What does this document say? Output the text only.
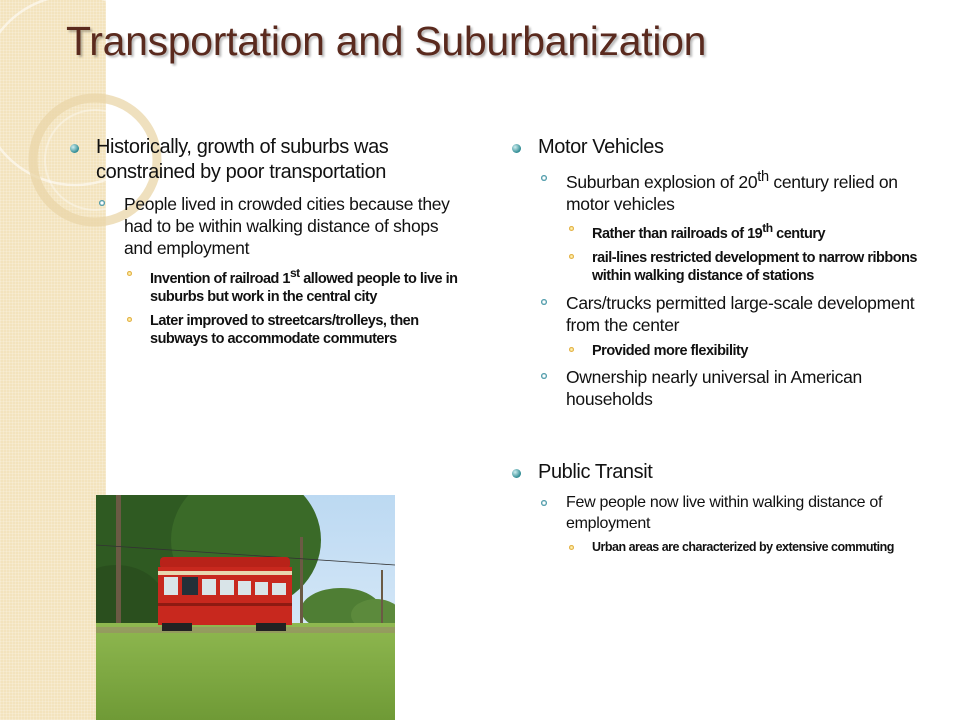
Transportation and Suburbanization
Historically, growth of suburbs was constrained by poor transportation
People lived in crowded cities because they had to be within walking distance of shops and employment
Invention of railroad 1st allowed people to live in suburbs but work in the central city
Later improved to streetcars/trolleys, then subways to accommodate commuters
Motor Vehicles
Suburban explosion of 20th century relied on motor vehicles
Rather than railroads of 19th century
rail-lines restricted development to narrow ribbons within walking distance of stations
Cars/trucks permitted large-scale development from the center
Provided more flexibility
Ownership nearly universal in American households
Public Transit
Few people now live within walking distance of employment
Urban areas are characterized by extensive commuting
